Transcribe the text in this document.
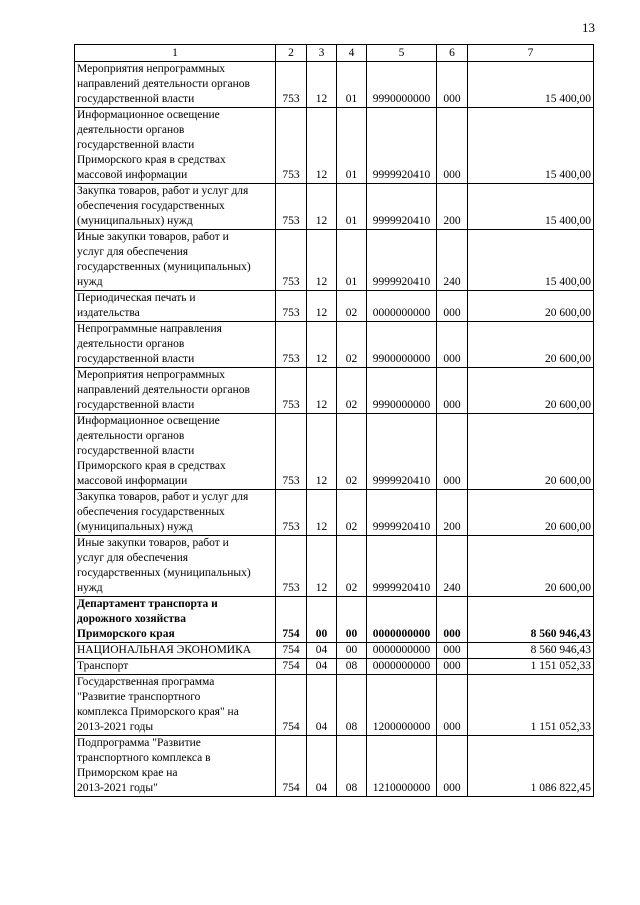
13
1	2	3	4	5	6	7
Мероприятия непрограммных
направлений деятельности органов
государственной власти	753	12	01	9990000000	000	15 400,00
Информационное освещение
деятельности органов
государственной власти
Приморского края в средствах
массовой информации	753	12	01	9999920410	000	15 400,00
Закупка товаров, работ и услуг для
обеспечения государственных
(муниципальных) нужд	753	12	01	9999920410	200	15 400,00
Иные закупки товаров, работ и
услуг для обеспечения
государственных (муниципальных)
нужд	753	12	01	9999920410	240	15 400,00
Периодическая печать и
издательства	753	12	02	0000000000	000	20 600,00
Непрограммные направления
деятельности органов
государственной власти	753	12	02	9900000000	000	20 600,00
Мероприятия непрограммных
направлений деятельности органов
государственной власти	753	12	02	9990000000	000	20 600,00
Информационное освещение
деятельности органов
государственной власти
Приморского края в средствах
массовой информации	753	12	02	9999920410	000	20 600,00
Закупка товаров, работ и услуг для
обеспечения государственных
(муниципальных) нужд	753	12	02	9999920410	200	20 600,00
Иные закупки товаров, работ и
услуг для обеспечения
государственных (муниципальных)
нужд	753	12	02	9999920410	240	20 600,00
Департамент транспорта и
дорожного хозяйства
Приморского края	754	00	00	0000000000	000	8 560 946,43
НАЦИОНАЛЬНАЯ ЭКОНОМИКА	754	04	00	0000000000	000	8 560 946,43
Транспорт	754	04	08	0000000000	000	1 151 052,33
Государственная программа
"Развитие транспортного
комплекса Приморского края" на
2013-2021 годы	754	04	08	1200000000	000	1 151 052,33
Подпрограмма "Развитие
транспортного комплекса в
Приморском крае на
2013-2021 годы"	754	04	08	1210000000	000	1 086 822,45
